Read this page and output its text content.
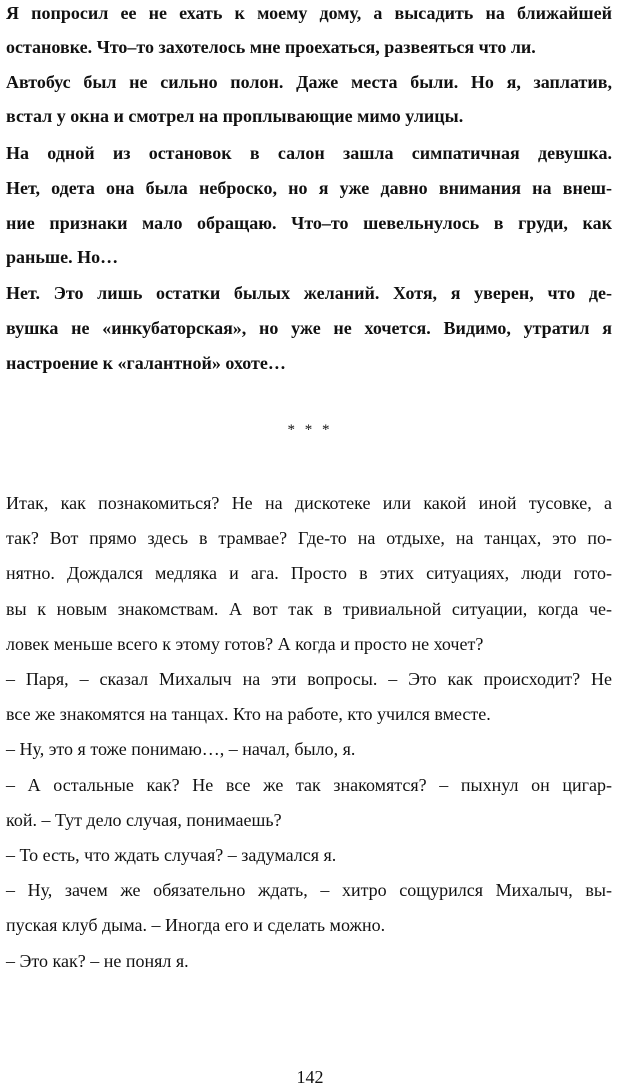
Я попросил ее не ехать к моему дому, а высадить на ближайшей
остановке. Что–то захотелось мне проехаться, развеяться что ли.
Автобус был не сильно полон. Даже места были. Но я, заплатив,
встал у окна и смотрел на проплывающие мимо улицы.
На одной из остановок в салон зашла симпатичная девушка.
Нет, одета она была неброско, но я уже давно внимания на внеш-
ние признаки мало обращаю. Что–то шевельнулось в груди, как
раньше. Но…
Нет. Это лишь остатки былых желаний. Хотя, я уверен, что де-
вушка не «инкубаторская», но уже не хочется. Видимо, утратил я
настроение к «галантной» охоте…
* * *
Итак, как познакомиться? Не на дискотеке или какой иной тусовке, а
так? Вот прямо здесь в трамвае? Где-то на отдыхе, на танцах, это по-
нятно. Дождался медляка и ага. Просто в этих ситуациях, люди гото-
вы к новым знакомствам. А вот так в тривиальной ситуации, когда че-
ловек меньше всего к этому готов? А когда и просто не хочет?
– Паря, – сказал Михалыч на эти вопросы. – Это как происходит? Не
все же знакомятся на танцах. Кто на работе, кто учился вместе.
– Ну, это я тоже понимаю…, – начал, было, я.
– А остальные как? Не все же так знакомятся? – пыхнул он цигар-
кой. – Тут дело случая, понимаешь?
– То есть, что ждать случая? – задумался я.
– Ну, зачем же обязательно ждать, – хитро сощурился Михалыч, вы-
пуская клуб дыма. – Иногда его и сделать можно.
– Это как? – не понял я.
142
